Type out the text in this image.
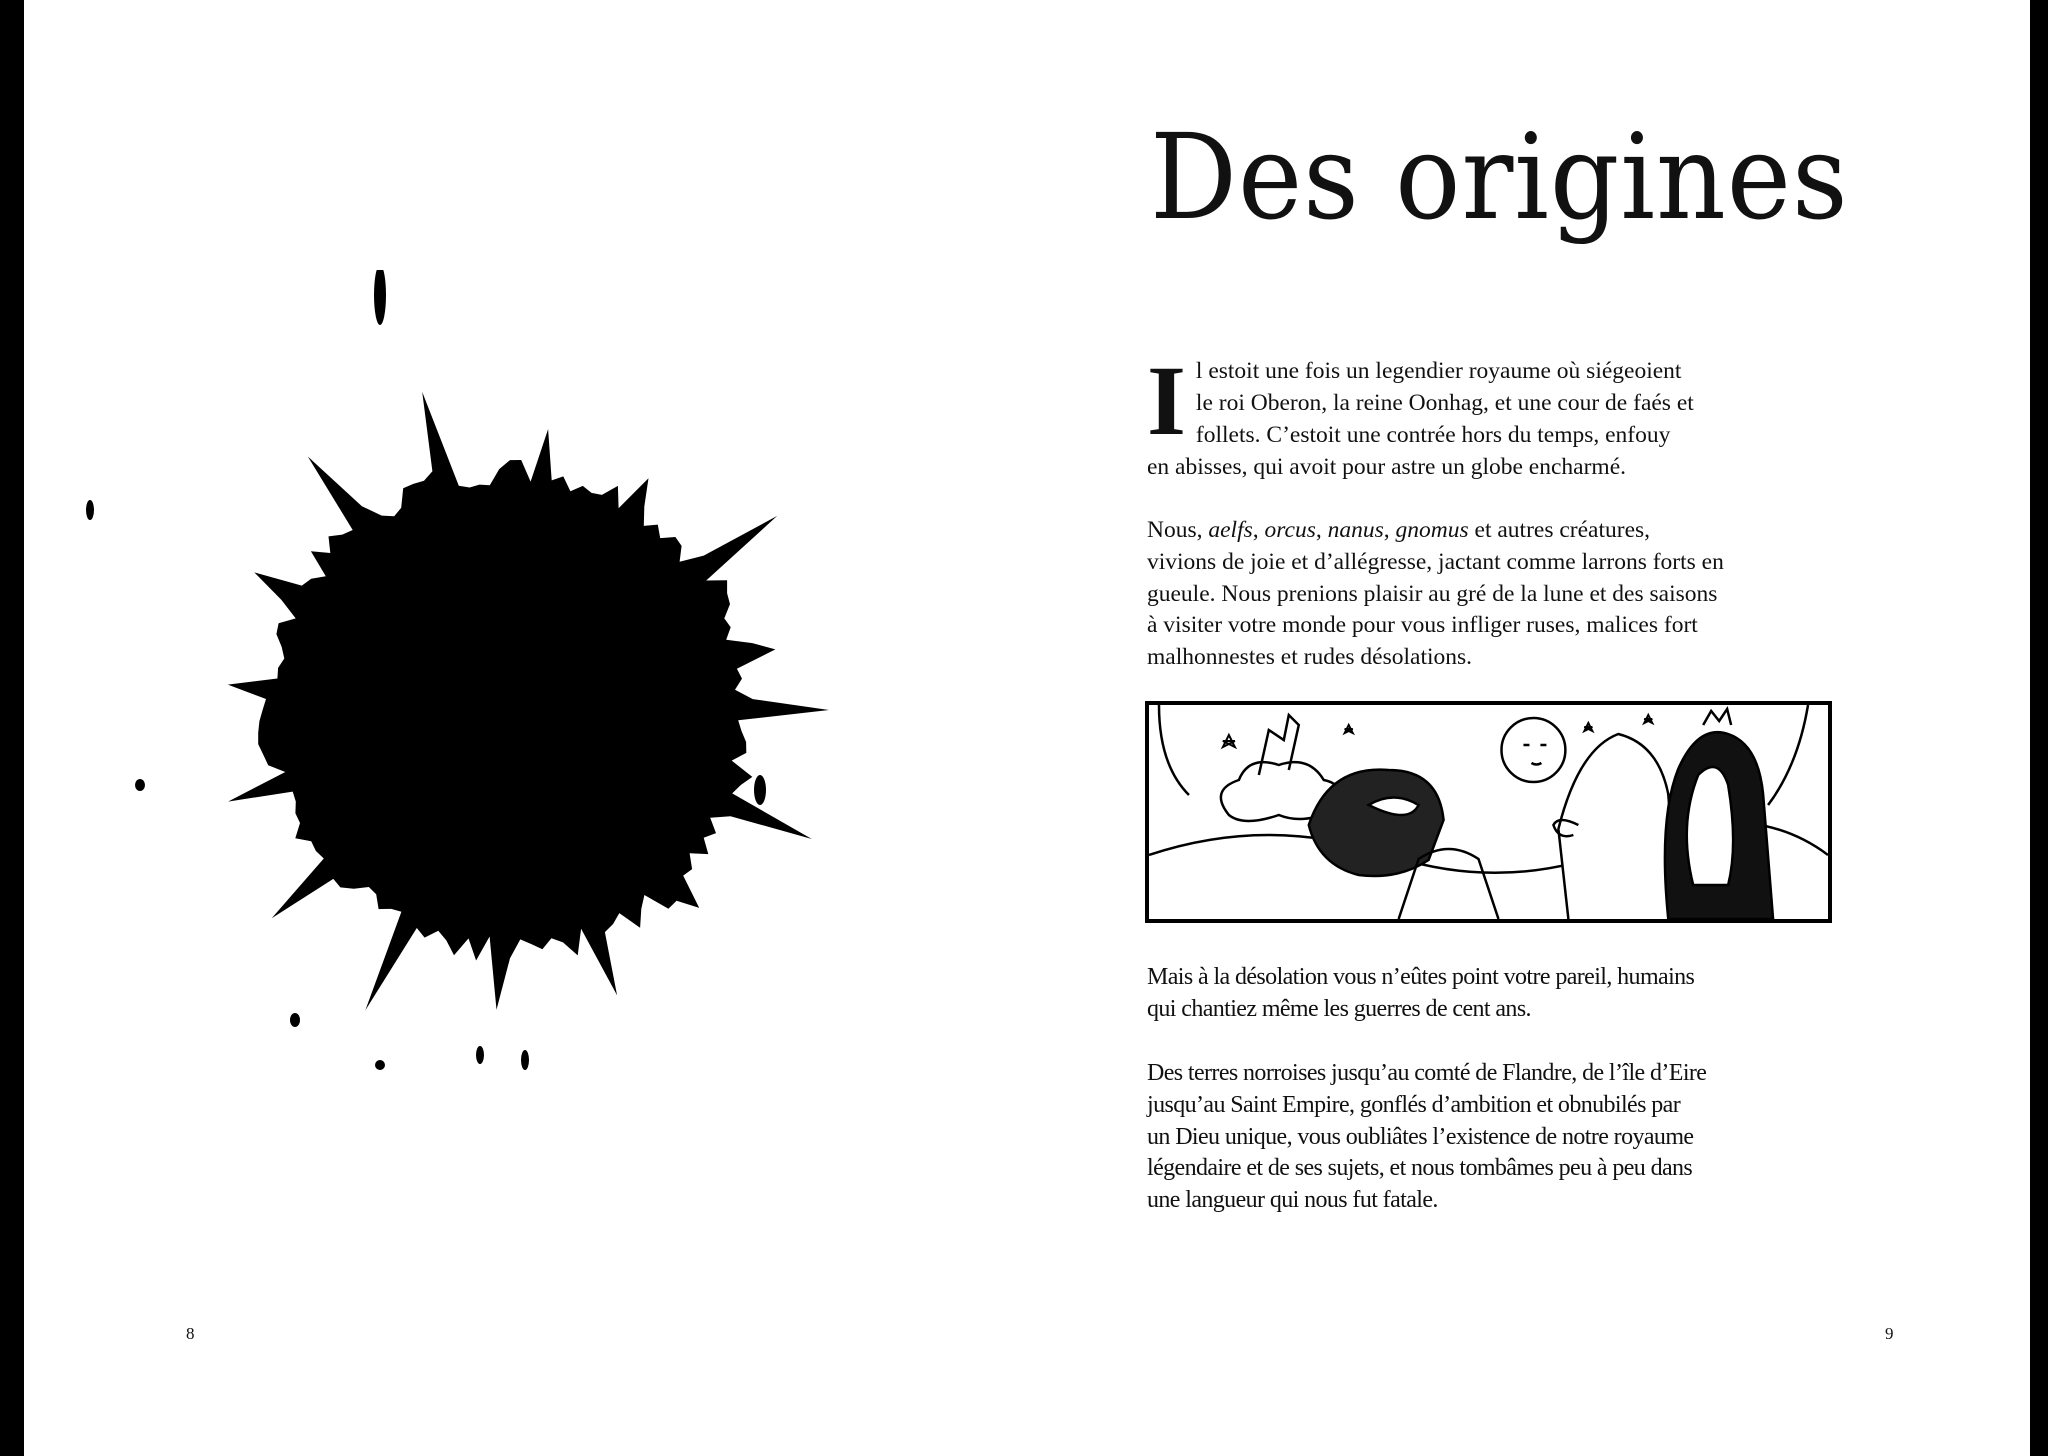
8
Des origines
I l estoit une fois un legendier royaume où siégeoient
le roi Oberon, la reine Oonhag, et une cour de faés et
follets. C’estoit une contrée hors du temps, enfouy
en abisses, qui avoit pour astre un globe encharmé.
Nous, aelfs, orcus, nanus, gnomus et autres créatures,
vivions de joie et d’allégresse, jactant comme larrons forts en
gueule. Nous prenions plaisir au gré de la lune et des saisons
à visiter votre monde pour vous infliger ruses, malices fort
malhonnestes et rudes désolations.
Mais à la désolation vous n’eûtes point votre pareil, humains
qui chantiez même les guerres de cent ans.
Des terres norroises jusqu’au comté de Flandre, de l’île d’Eire
jusqu’au Saint Empire, gonflés d’ambition et obnubilés par
un Dieu unique, vous oubliâtes l’existence de notre royaume
légendaire et de ses sujets, et nous tombâmes peu à peu dans
une langueur qui nous fut fatale.
9
